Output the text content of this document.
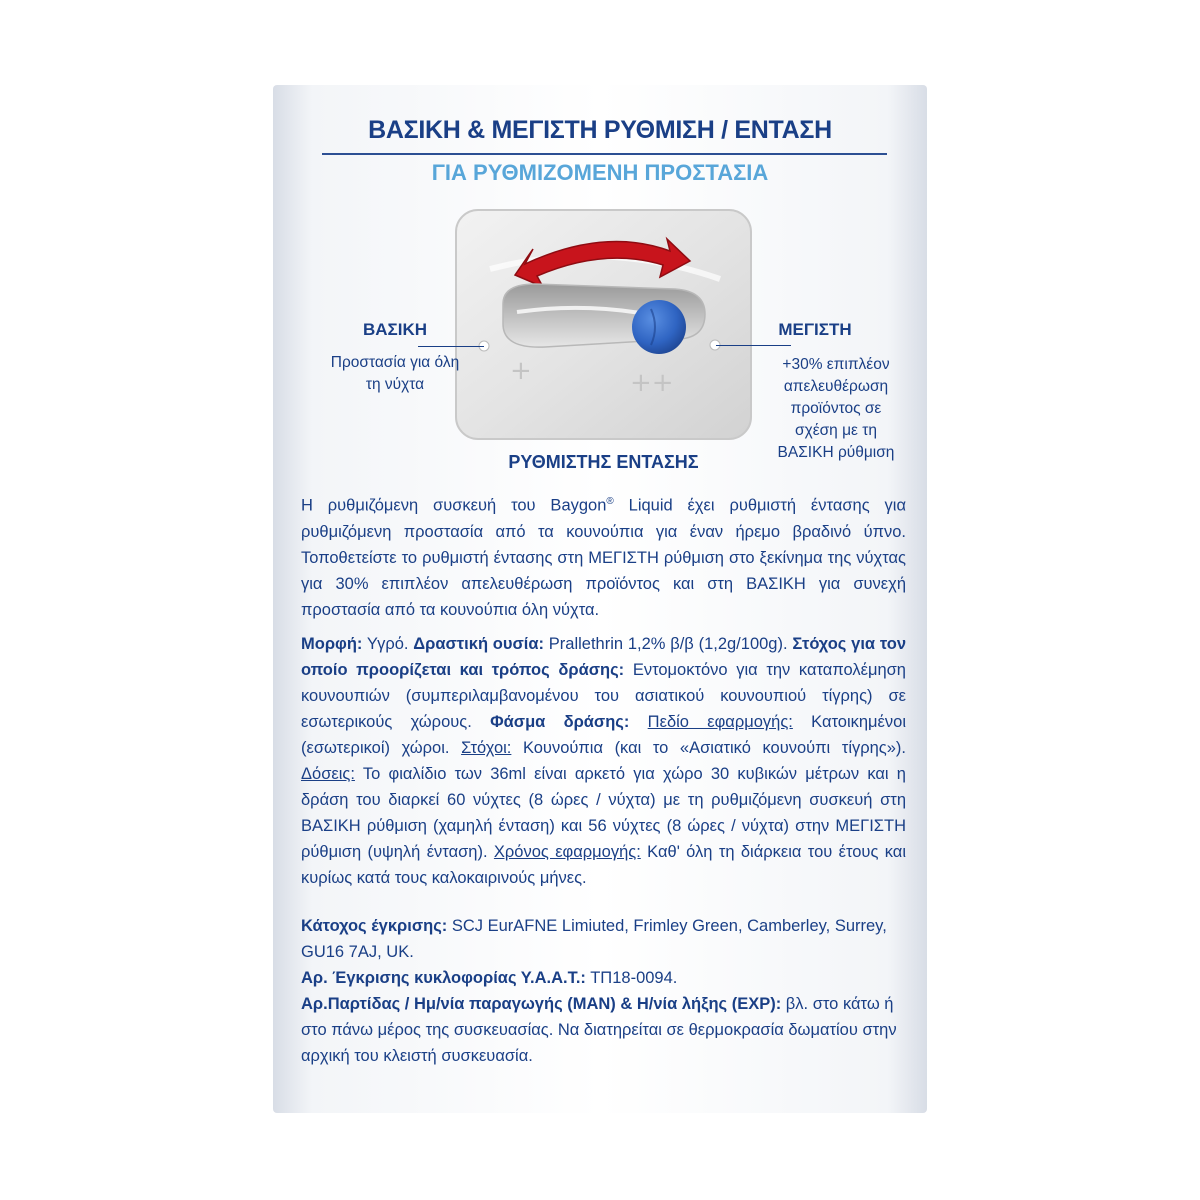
ΒΑΣΙΚΗ & ΜΕΓΙΣΤΗ ΡΥΘΜΙΣΗ / ΕΝΤΑΣΗ
ΓΙΑ ΡΥΘΜΙΖΟΜΕΝΗ ΠΡΟΣΤΑΣΙΑ
+	++
ΒΑΣΙΚΗ
Προστασία για όλη τη νύχτα
ΜΕΓΙΣΤΗ
+30% επιπλέον απελευθέρωση προϊόντος σε σχέση με τη ΒΑΣΙΚΗ ρύθμιση
ΡΥΘΜΙΣΤΗΣ ΕΝΤΑΣΗΣ
Η ρυθμιζόμενη συσκευή του Baygon® Liquid έχει ρυθμιστή έντασης για ρυθμιζόμενη προστασία από τα κουνούπια για έναν ήρεμο βραδινό ύπνο. Τοποθετείστε το ρυθμιστή έντασης στη ΜΕΓΙΣΤΗ ρύθμιση στο ξεκίνημα της νύχτας για 30% επιπλέον απελευθέρωση προϊόντος και στη ΒΑΣΙΚΗ για συνεχή προστασία από τα κουνούπια όλη νύχτα.
Μορφή: Υγρό. Δραστική ουσία: Prallethrin 1,2% β/β (1,2g/100g). Στόχος για τον οποίο προορίζεται και τρόπος δράσης: Εντομοκτόνο για την καταπολέμηση κουνουπιών (συμπεριλαμβανομένου του ασιατικού κουνουπιού τίγρης) σε εσωτερικούς χώρους. Φάσμα δράσης: Πεδίο εφαρμογής: Κατοικημένοι (εσωτερικοί) χώροι. Στόχοι: Κουνούπια (και το «Ασιατικό κουνούπι τίγρης»). Δόσεις: Το φιαλίδιο των 36ml είναι αρκετό για χώρο 30 κυβικών μέτρων και η δράση του διαρκεί 60 νύχτες (8 ώρες / νύχτα) με τη ρυθμιζόμενη συσκευή στη ΒΑΣΙΚΗ ρύθμιση (χαμηλή ένταση) και 56 νύχτες (8 ώρες / νύχτα) στην ΜΕΓΙΣΤΗ ρύθμιση (υψηλή ένταση). Χρόνος εφαρμογής: Καθ' όλη τη διάρκεια του έτους και κυρίως κατά τους καλοκαιρινούς μήνες.
Κάτοχος έγκρισης: SCJ EurAFNE Limiuted, Frimley Green, Camberley, Surrey, GU16 7AJ, UK.
Αρ. Έγκρισης κυκλοφορίας Υ.Α.Α.Τ.: ΤΠ18-0094.
Αρ.Παρτίδας / Ημ/νία παραγωγής (MAN) & Η/νία λήξης (EXP): βλ. στο κάτω ή στο πάνω μέρος της συσκευασίας. Να διατηρείται σε θερμοκρασία δωματίου στην αρχική του κλειστή συσκευασία.
